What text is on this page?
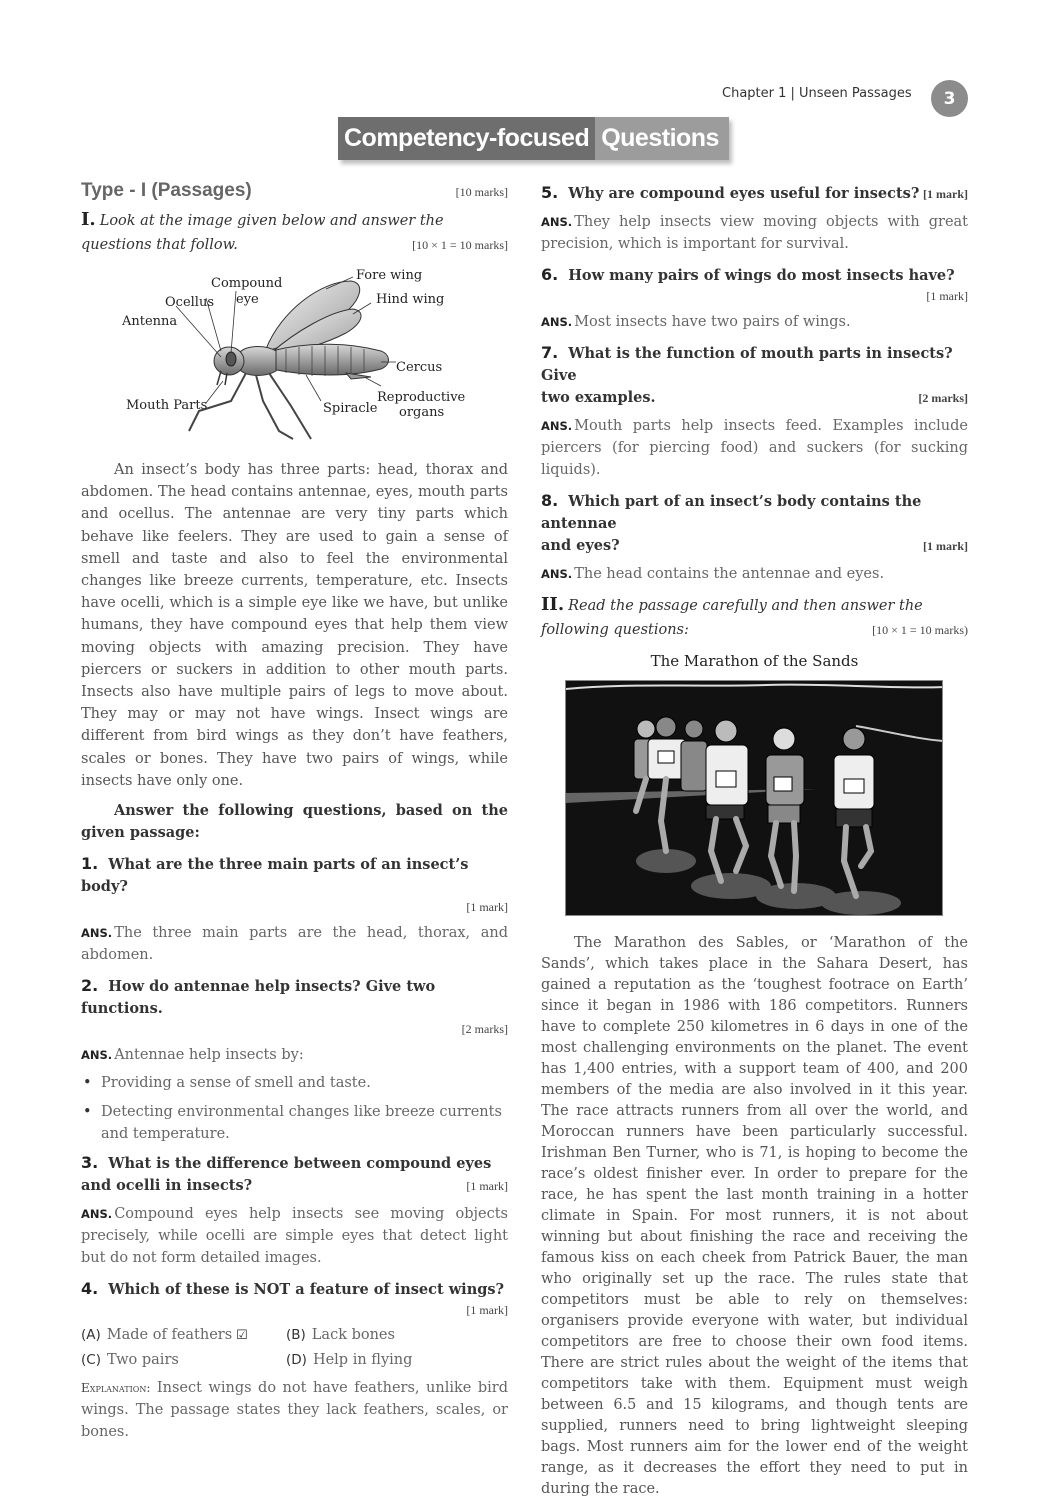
Chapter 1 | Unseen Passages	3
Competency-focused Questions
Type - I (Passages)	[10 marks]
I. Look at the image given below and answer the
questions that follow.	[10 × 1 = 10 marks]
Compound
eye
Ocellus
Antenna
Fore wing
Hind wing
Cercus
Reproductive
organs
Mouth Parts	Spiracle

An insect’s body has three parts: head, thorax and abdomen. The head contains antennae, eyes, mouth parts and ocellus. The antennae are very tiny parts which behave like feelers. They are used to gain a sense of smell and taste and also to feel the environmental changes like breeze currents, temperature, etc. Insects have ocelli, which is a simple eye like we have, but unlike humans, they have compound eyes that help them view moving objects with amazing precision. They have piercers or suckers in addition to other mouth parts. Insects also have multiple pairs of legs to move about. They may or may not have wings. Insect wings are different from bird wings as they don’t have feathers, scales or bones. They have two pairs of wings, while insects have only one.

Answer the following questions, based on the given passage:

1. What are the three main parts of an insect’s body?
[1 mark]

ANS. The three main parts are the head, thorax, and abdomen.

2. How do antennae help insects? Give two functions.
[2 marks]

ANS. Antennae help insects by:

• Providing a sense of smell and taste.
• Detecting environmental changes like breeze currents and temperature.
3. What is the difference between compound eyes and ocelli in insects?	[1 mark]

ANS. Compound eyes help insects see moving objects precisely, while ocelli are simple eyes that detect light but do not form detailed images.

4. Which of these is NOT a feature of insect wings?
[1 mark]
(A) Made of feathers ☑	(B) Lack bones
(C) Two pairs	(D) Help in flying

Explanation: Insect wings do not have feathers, unlike bird wings. The passage states they lack feathers, scales, or bones.

5. Why are compound eyes useful for insects? [1 mark]

ANS. They help insects view moving objects with great precision, which is important for survival.

6. How many pairs of wings do most insects have?
[1 mark]

ANS. Most insects have two pairs of wings.

7. What is the function of mouth parts in insects? Give
two examples.	[2 marks]

ANS. Mouth parts help insects feed. Examples include piercers (for piercing food) and suckers (for sucking liquids).

8. Which part of an insect’s body contains the antennae
and eyes?	[1 mark]

ANS. The head contains the antennae and eyes.

II. Read the passage carefully and then answer the
following questions:	[10 × 1 = 10 marks)
The Marathon of the Sands

The Marathon des Sables, or ‘Marathon of the Sands’, which takes place in the Sahara Desert, has gained a reputation as the ‘toughest footrace on Earth’ since it began in 1986 with 186 competitors. Runners have to complete 250 kilometres in 6 days in one of the most challenging environments on the planet. The event has 1,400 entries, with a support team of 400, and 200 members of the media are also involved in it this year. The race attracts runners from all over the world, and Moroccan runners have been particularly successful. Irishman Ben Turner, who is 71, is hoping to become the race’s oldest finisher ever. In order to prepare for the race, he has spent the last month training in a hotter climate in Spain. For most runners, it is not about winning but about finishing the race and receiving the famous kiss on each cheek from Patrick Bauer, the man who originally set up the race. The rules state that competitors must be able to rely on themselves: organisers provide everyone with water, but individual competitors are free to choose their own food items. There are strict rules about the weight of the items that competitors take with them. Equipment must weigh between 6.5 and 15 kilograms, and though tents are supplied, runners need to bring lightweight sleeping bags. Most runners aim for the lower end of the weight range, as it decreases the effort they need to put in during the race.
